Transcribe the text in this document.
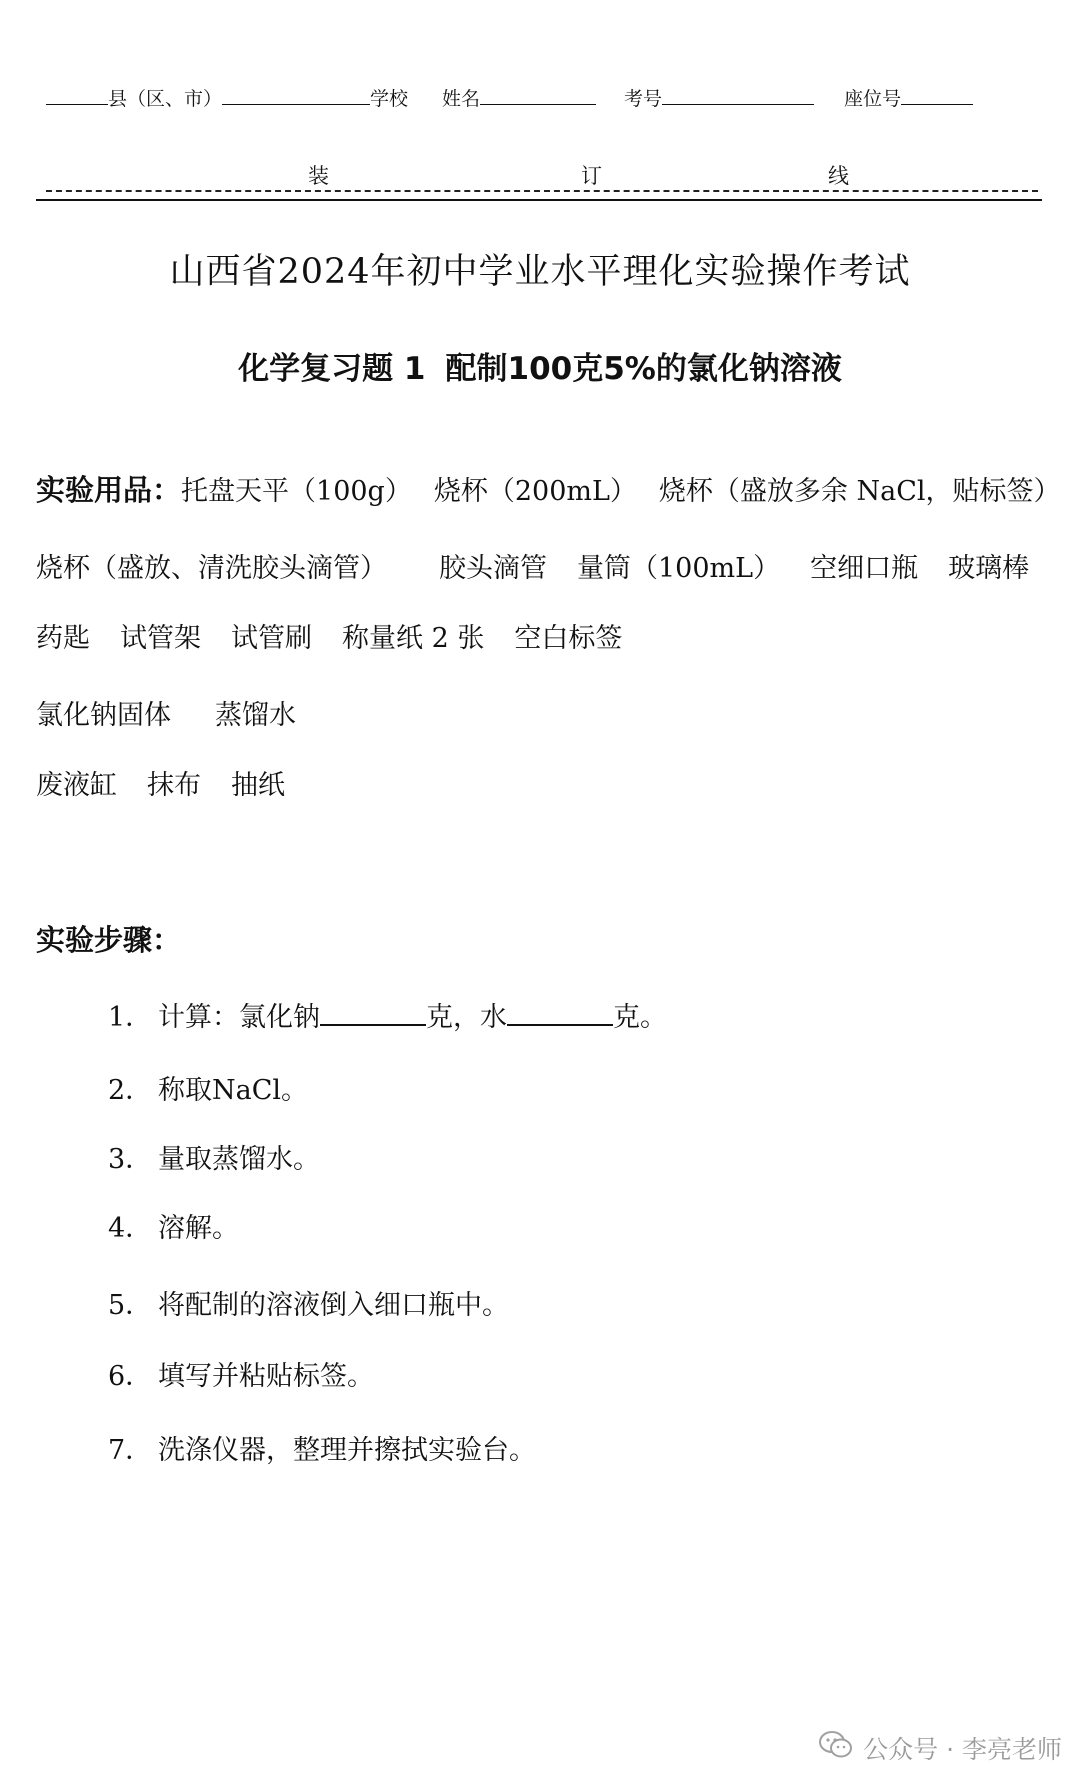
县（区、市）	学校 姓名	考号	座位号
装	订	线
山西省2024年初中学业水平理化实验操作考试
化学复习题 1 配制100克5%的氯化钠溶液
实验用品：托盘天平（100g） 烧杯（200mL） 烧杯（盛放多余 NaCl，贴标签）
烧杯（盛放、清洗胶头滴管） 胶头滴管 量筒（100mL） 空细口瓶 玻璃棒
药匙 试管架 试管刷 称量纸 2 张 空白标签
氯化钠固体 蒸馏水
废液缸 抹布 抽纸
实验步骤：
1． 计算：氯化钠	克，水	克。
2． 称取NaCl。
3． 量取蒸馏水。
4． 溶解。
5． 将配制的溶液倒入细口瓶中。
6． 填写并粘贴标签。
7． 洗涤仪器，整理并擦拭实验台。
公众号 · 李亮老师
